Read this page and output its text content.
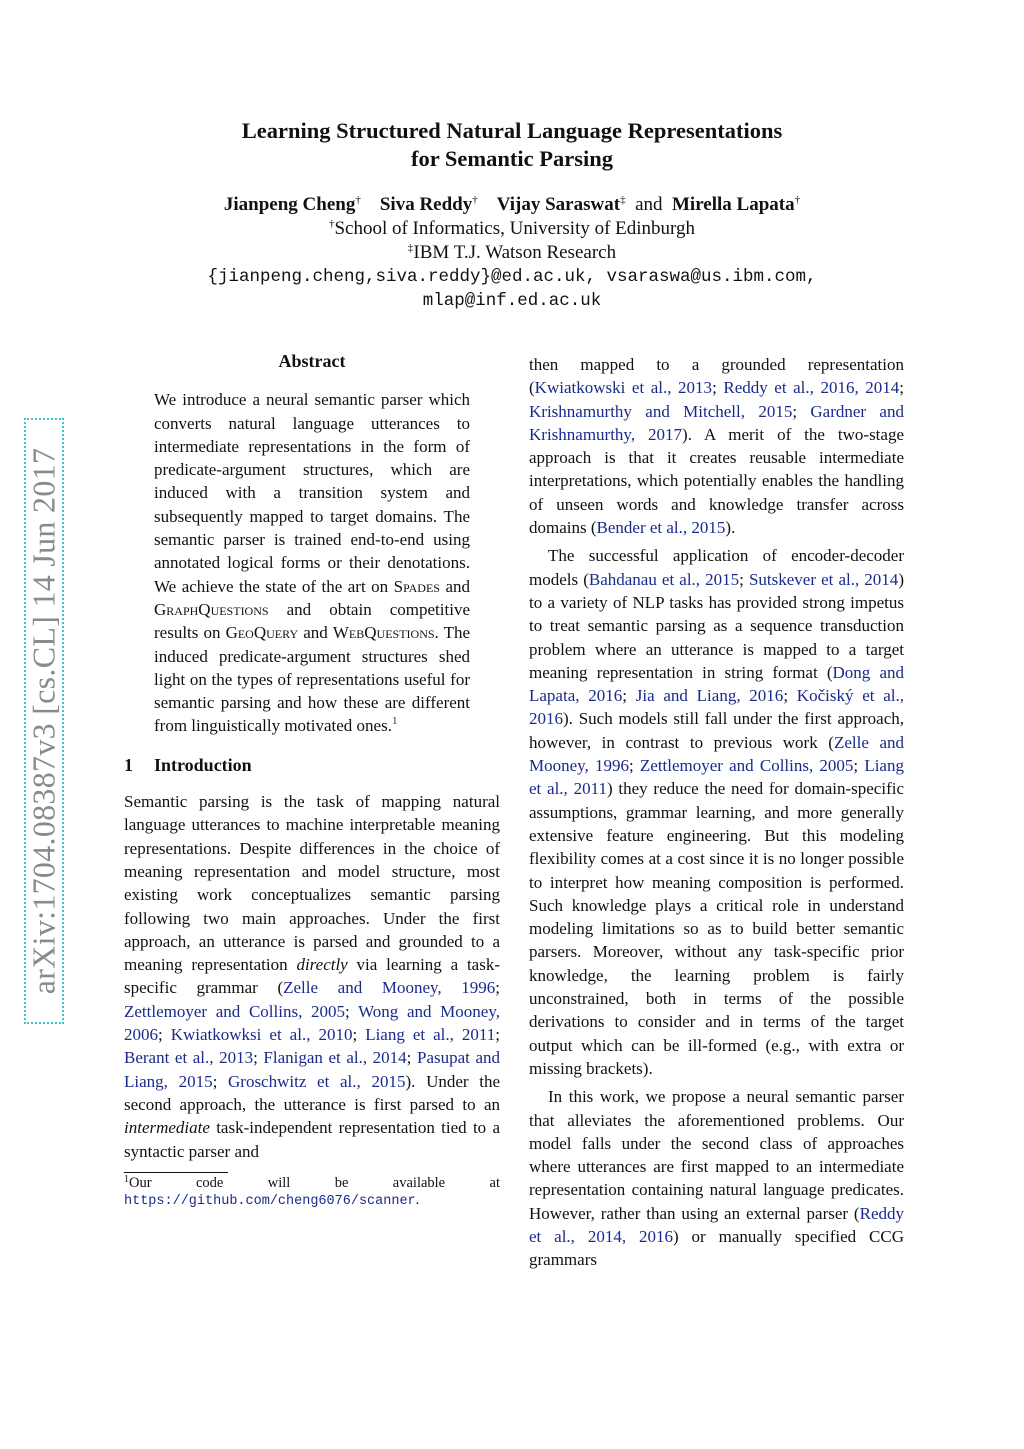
arXiv:1704.08387v3 [cs.CL] 14 Jun 2017
Learning Structured Natural Language Representations
for Semantic Parsing
Jianpeng Cheng† Siva Reddy† Vijay Saraswat‡ and Mirella Lapata†
†School of Informatics, University of Edinburgh
‡IBM T.J. Watson Research
{jianpeng.cheng,siva.reddy}@ed.ac.uk, vsaraswa@us.ibm.com,
mlap@inf.ed.ac.uk
Abstract

We introduce a neural semantic parser which converts natural language utterances to intermediate representations in the form of predicate-argument structures, which are induced with a transition system and subsequently mapped to target domains. The semantic parser is trained end-to-end using annotated logical forms or their denotations. We achieve the state of the art on Spades and GraphQuestions and obtain competitive results on GeoQuery and WebQuestions. The induced predicate-argument structures shed light on the types of representations useful for semantic parsing and how these are different from linguistically motivated ones.$^1$

1 Introduction

Semantic parsing is the task of mapping natural language utterances to machine interpretable meaning representations. Despite differences in the choice of meaning representation and model structure, most existing work conceptualizes semantic parsing following two main approaches. Under the first approach, an utterance is parsed and grounded to a meaning representation directly via learning a task-specific grammar (Zelle and Mooney, 1996; Zettlemoyer and Collins, 2005; Wong and Mooney, 2006; Kwiatkowksi et al., 2010; Liang et al., 2011; Berant et al., 2013; Flanigan et al., 2014; Pasupat and Liang, 2015; Groschwitz et al., 2015). Under the second approach, the utterance is first parsed to an intermediate task-independent representation tied to a syntactic parser and

$^1$Our code will be available at https://github.com/cheng6076/scanner.

then mapped to a grounded representation (Kwiatkowski et al., 2013; Reddy et al., 2016, 2014; Krishnamurthy and Mitchell, 2015; Gardner and Krishnamurthy, 2017). A merit of the two-stage approach is that it creates reusable intermediate interpretations, which potentially enables the handling of unseen words and knowledge transfer across domains (Bender et al., 2015).

The successful application of encoder-decoder models (Bahdanau et al., 2015; Sutskever et al., 2014) to a variety of NLP tasks has provided strong impetus to treat semantic parsing as a sequence transduction problem where an utterance is mapped to a target meaning representation in string format (Dong and Lapata, 2016; Jia and Liang, 2016; Kočiský et al., 2016). Such models still fall under the first approach, however, in contrast to previous work (Zelle and Mooney, 1996; Zettlemoyer and Collins, 2005; Liang et al., 2011) they reduce the need for domain-specific assumptions, grammar learning, and more generally extensive feature engineering. But this modeling flexibility comes at a cost since it is no longer possible to interpret how meaning composition is performed. Such knowledge plays a critical role in understand modeling limitations so as to build better semantic parsers. Moreover, without any task-specific prior knowledge, the learning problem is fairly unconstrained, both in terms of the possible derivations to consider and in terms of the target output which can be ill-formed (e.g., with extra or missing brackets).

In this work, we propose a neural semantic parser that alleviates the aforementioned problems. Our model falls under the second class of approaches where utterances are first mapped to an intermediate representation containing natural language predicates. However, rather than using an external parser (Reddy et al., 2014, 2016) or manually specified CCG grammars
